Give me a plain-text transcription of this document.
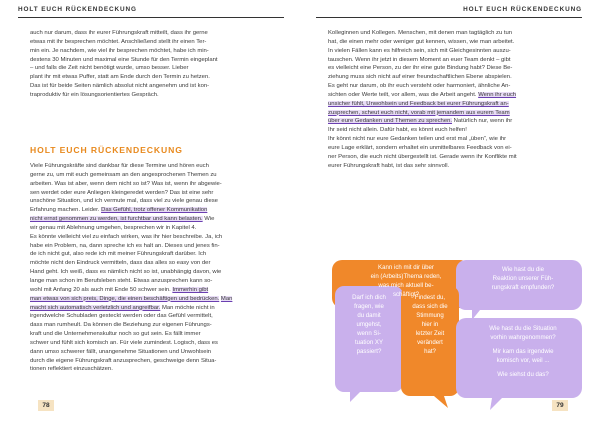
HOLT EUCH RÜCKENDECKUNG
auch nur darum, dass ihr eurer Führungskraft mitteilt, dass ihr gerne
etwas mit ihr besprechen möchtet. Anschließend stellt ihr einen Ter-
min ein. Je nachdem, wie viel ihr besprechen möchtet, habe ich min-
destens 30 Minuten und maximal eine Stunde für den Termin eingeplant
– und falls die Zeit nicht benötigt wurde, umso besser. Lieber
plant ihr mit etwas Puffer, statt am Ende durch den Termin zu hetzen.
Das ist für beide Seiten nämlich absolut nicht angenehm und ist kon-
traproduktiv für ein lösungsorientiertes Gespräch.
HOLT EUCH RÜCKENDECKUNG
Viele Führungskräfte sind dankbar für diese Termine und hören euch
gerne zu, um mit euch gemeinsam an den angesprochenen Themen zu
arbeiten. Was ist aber, wenn dem nicht so ist? Was ist, wenn ihr abgewie-
sen werdet oder eure Anliegen kleingeredet werden? Das ist eine sehr
unschöne Situation, und ich vermute mal, dass viel zu viele genau diese
Erfahrung machen. Leider. Das Gefühl, trotz offener Kommunikation
nicht ernst genommen zu werden, ist furchtbar und kann belasten. Wie
wir genau mit Ablehnung umgehen, besprechen wir in Kapitel 4.
Es könnte vielleicht viel zu einfach wirken, was ihr hier beschreibe. Ja, ich
habe ein Problem, na, dann spreche ich es halt an. Dieses und jenes fin-
de ich nicht gut, also rede ich mit meiner Führungskraft darüber. Ich
möchte nicht den Eindruck vermitteln, dass das alles so easy von der
Hand geht. Ich weiß, dass es nämlich nicht so ist, unabhängig davon, wie
lange man schon im Berufsleben steht. Etwas anzusprechen kann so-
wohl mit Anfang 20 als auch mit Ende 50 schwer sein. Immerhin gibt
man etwas von sich preis, Dinge, die einen beschäftigen und bedrücken. Man
macht sich automatisch verletzlich und angreifbar. Man möchte nicht in
irgendwelche Schubladen gesteckt werden oder das Gefühl vermittelt,
dass man rumheult. Da können die Beziehung zur eigenen Führungs-
kraft und die Unternehmenskultur noch so gut sein. Es fällt immer
schwer und fühlt sich komisch an. Für viele zumindest. Logisch, dass es
dann umso schwerer fällt, unangenehme Situationen und Unwohlsein
durch die eigene Führungskraft anzusprechen, geschweige denn Situa-
tionen reflektiert einzuschätzen.
78
HOLT EUCH RÜCKENDECKUNG
Kolleginnen und Kollegen. Menschen, mit denen man tagtäglich zu tun
hat, die einen mehr oder weniger gut kennen, wissen, wie man arbeitet.
In vielen Fällen kann es hilfreich sein, sich mit Gleichgesinnten auszu-
tauschen. Wenn ihr jetzt in diesem Moment an euer Team denkt – gibt
es vielleicht eine Person, zu der ihr eine gute Bindung habt? Diese Be-
ziehung muss sich nicht auf einer freundschaftlichen Ebene abspielen.
Es geht nur darum, ob ihr euch versteht oder harmoniert, ähnliche An-
sichten oder Werte teilt, vor allem, was die Arbeit angeht. Wenn ihr euch
unsicher fühlt, Unwohlsein und Feedback bei eurer Führungskraft an-
zusprechen, scheut euch nicht, vorab mit jemandem aus eurem Team
über eure Gedanken und Themen zu sprechen. Natürlich nur, wenn ihr
Ihr seid nicht allein. Dafür habt, es könnt euch helfen!
Ihr könnt nicht nur eure Gedanken teilen und erst mal „üben“, wie ihr
eure Lage erklärt, sondern erhaltet ein unmittelbares Feedback von ei-
ner Person, die euch nicht übergestellt ist. Gerade wenn ihr Konflikte mit
eurer Führungskraft habt, ist das sehr sinnvoll.
79
Kann ich mit dir über
ein (Arbeits)Thema reden,
was mich aktuell be-
schäftigt?
Wie hast du die
Reaktion unserer Füh-
rungskraft empfunden?
Darf ich dich
fragen, wie
du damit
umgehst,
wenn Si-
tuation XY
passiert?
Findest du,
dass sich die
Stimmung
hier in
letzter Zeit
verändert
hat?
Wie hast du die Situation
vorhin wahrgenommen?
Mir kam das irgendwie
komisch vor, weil ...
Wie siehst du das?
